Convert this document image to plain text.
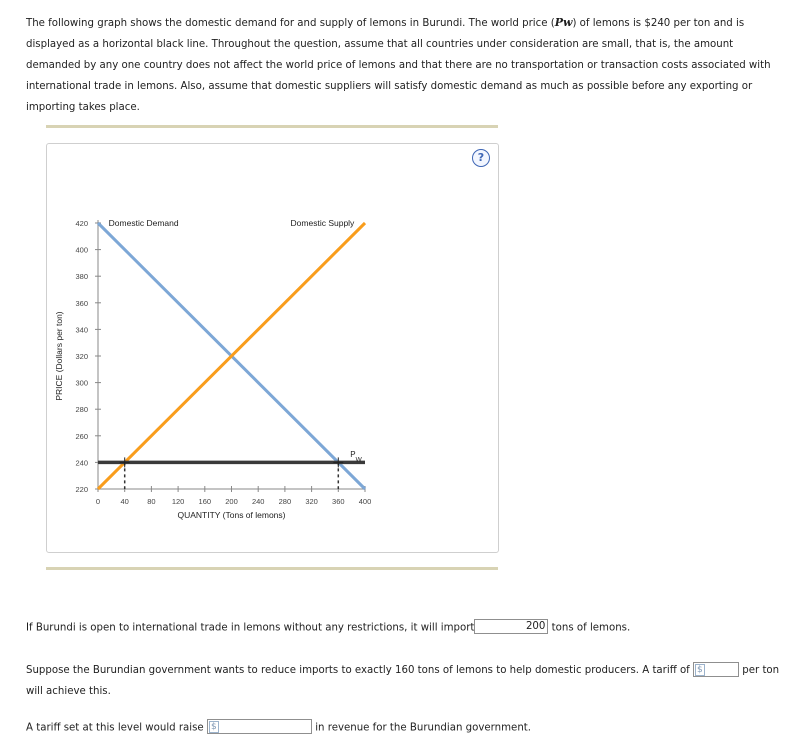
The following graph shows the domestic demand for and supply of lemons in Burundi. The world price (Pw) of lemons is $240 per ton and is displayed as a horizontal black line. Throughout the question, assume that all countries under consideration are small, that is, the amount demanded by any one country does not affect the world price of lemons and that there are no transportation or transaction costs associated with international trade in lemons. Also, assume that domestic suppliers will satisfy domestic demand as much as possible before any exporting or importing takes place.
?
220
240
260
280
300
320
340
360
380
400
420
0	40 80 120 160 200 240 280 320 360 400
QUANTITY (Tons of lemons)
PRICE (Dollars per ton)
Domestic Demand	Domestic Supply
P
W
If Burundi is open to international trade in lemons without any restrictions, it will import	200 tons of lemons.
Suppose the Burundian government wants to reduce imports to exactly 160 tons of lemons to help domestic producers. A tariff of $	per ton
will achieve this.
A tariff set at this level would raise $	in revenue for the Burundian government.
